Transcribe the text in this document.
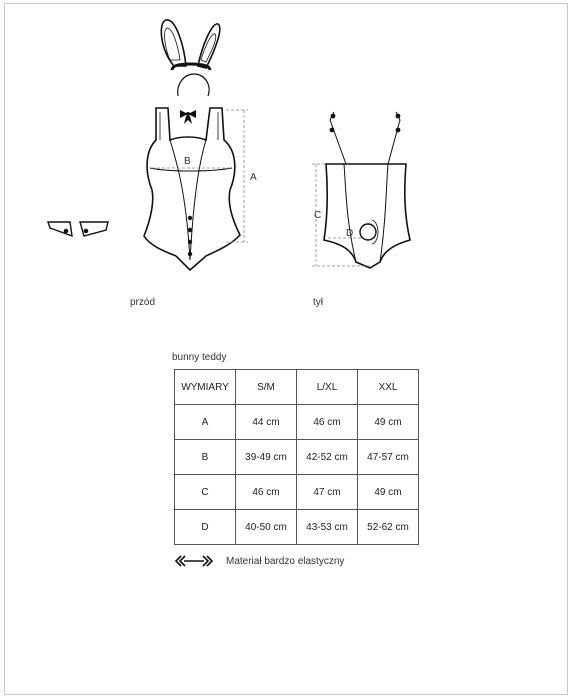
A
B
C
D
przód	tył
bunny teddy
WYMIARY	S/M	L/XL	XXL
A	44 cm	46 cm	49 cm
B	39-49 cm	42-52 cm	47-57 cm
C	46 cm	47 cm	49 cm
D	40-50 cm	43-53 cm	52-62 cm
Materiał bardzo elastyczny
